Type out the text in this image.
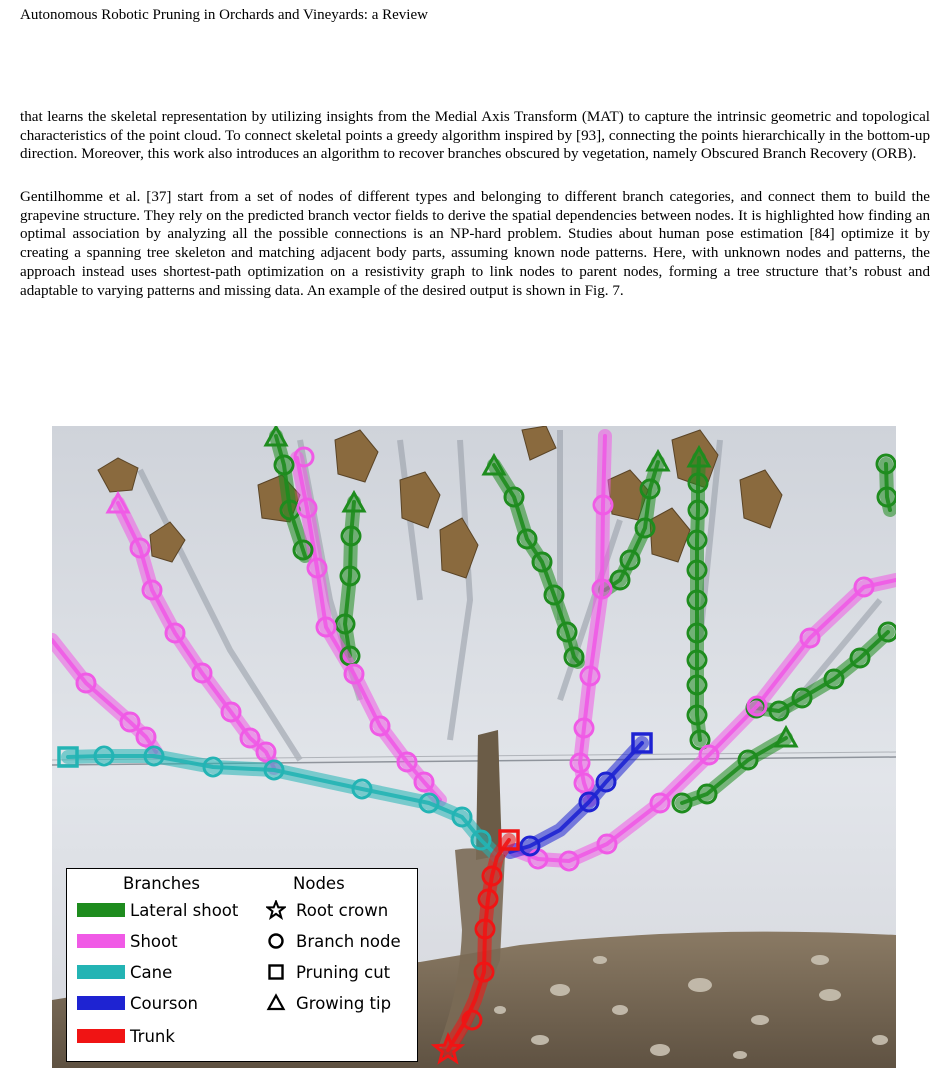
Autonomous Robotic Pruning in Orchards and Vineyards: a Review

that learns the skeletal representation by utilizing insights from the Medial Axis Transform (MAT) to capture the intrinsic geometric and topological characteristics of the point cloud. To connect skeletal points a greedy algorithm inspired by [93], connecting the points hierarchically in the bottom-up direction. Moreover, this work also introduces an algorithm to recover branches obscured by vegetation, namely Obscured Branch Recovery (ORB).

Gentilhomme et al. [37] start from a set of nodes of different types and belonging to different branch categories, and connect them to build the grapevine structure. They rely on the predicted branch vector fields to derive the spatial dependencies between nodes. It is highlighted how finding an optimal association by analyzing all the possible connections is an NP-hard problem. Studies about human pose estimation [84] optimize it by creating a spanning tree skeleton and matching adjacent body parts, assuming known node patterns. Here, with unknown nodes and patterns, the approach instead uses shortest-path optimization on a resistivity graph to link nodes to parent nodes, forming a tree structure that’s robust and adaptable to varying patterns and missing data. An example of the desired output is shown in Fig. 7.

Branches	Nodes
Lateral shoot
Shoot
Cane
Courson
Trunk
Root crown
Branch node
Pruning cut
Growing tip
